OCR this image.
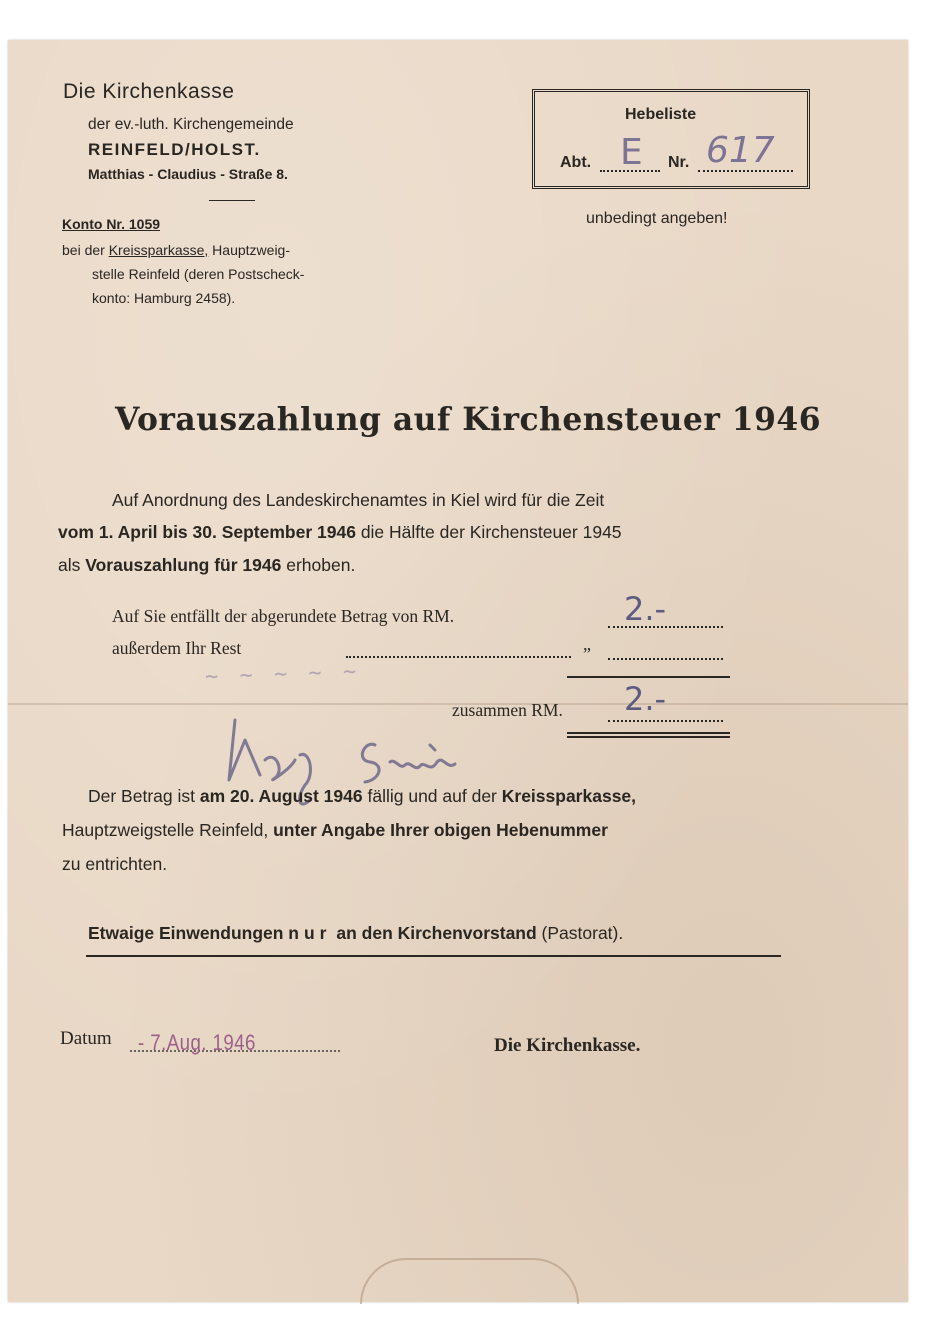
Die Kirchenkasse
der ev.-luth. Kirchengemeinde
REINFELD/HOLST.
Matthias - Claudius - Straße 8.
Konto Nr. 1059
bei der Kreissparkasse, Hauptzweig-
stelle Reinfeld (deren Postscheck-
konto: Hamburg 2458).
Hebeliste
Abt. E Nr. 617
unbedingt angeben!
Vorauszahlung auf Kirchensteuer 1946
Auf Anordnung des Landeskirchenamtes in Kiel wird für die Zeit
vom 1. April bis 30. September 1946 die Hälfte der Kirchensteuer 1945
als Vorauszahlung für 1946 erhoben.
Auf Sie entfällt der abgerundete Betrag von RM.	2.-
außerdem Ihr Rest	„
zusammen RM. 2.-
~ ~ ~ ~ ~
Der Betrag ist am 20. August 1946 fällig und auf der Kreissparkasse,
Hauptzweigstelle Reinfeld, unter Angabe Ihrer obigen Hebenummer
zu entrichten.
Etwaige Einwendungen nur an den Kirchenvorstand (Pastorat).
Datum - 7.Aug. 1946	Die Kirchenkasse.
